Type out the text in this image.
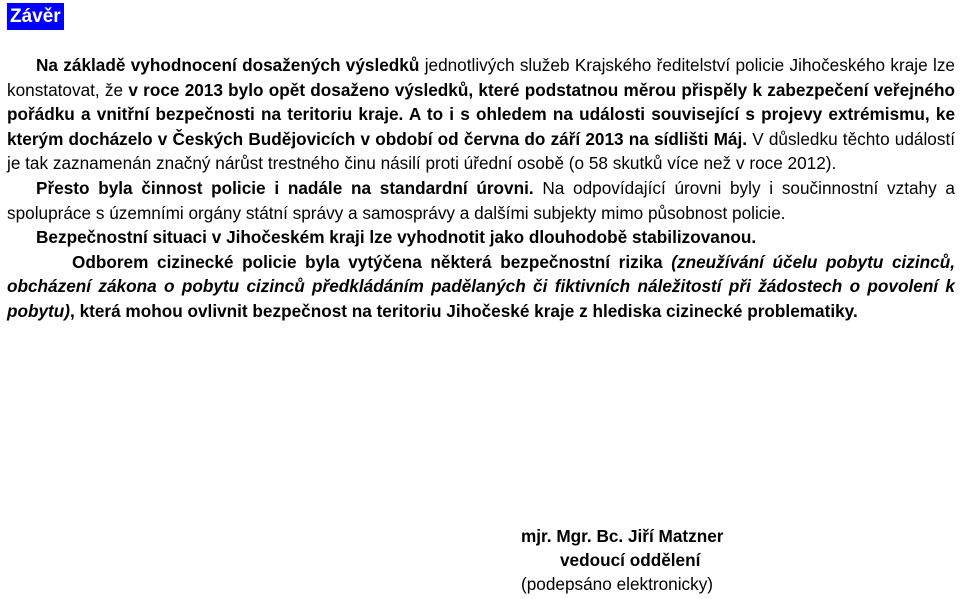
Závěr

Na základě vyhodnocení dosažených výsledků jednotlivých služeb Krajského ředitelství policie Jihočeského kraje lze konstatovat, že v roce 2013 bylo opět dosaženo výsledků, které podstatnou měrou přispěly k zabezpečení veřejného pořádku a vnitřní bezpečnosti na teritoriu kraje. A to i s ohledem na události související s projevy extrémismu, ke kterým docházelo v Českých Budějovicích v období od června do září 2013 na sídlišti Máj. V důsledku těchto událostí je tak zaznamenán značný nárůst trestného činu násilí proti úřední osobě (o 58 skutků více než v roce 2012).

Přesto byla činnost policie i nadále na standardní úrovni. Na odpovídající úrovni byly i součinnostní vztahy a spolupráce s územními orgány státní správy a samosprávy a dalšími subjekty mimo působnost policie.

Bezpečnostní situaci v Jihočeském kraji lze vyhodnotit jako dlouhodobě stabilizovanou.

Odborem cizinecké policie byla vytýčena některá bezpečnostní rizika (zneužívání účelu pobytu cizinců, obcházení zákona o pobytu cizinců předkládáním padělaných či fiktivních náležitostí při žádostech o povolení k pobytu), která mohou ovlivnit bezpečnost na teritoriu Jihočeské kraje z hlediska cizinecké problematiky.

mjr. Mgr. Bc. Jiří Matzner
vedoucí oddělení
(podepsáno elektronicky)
